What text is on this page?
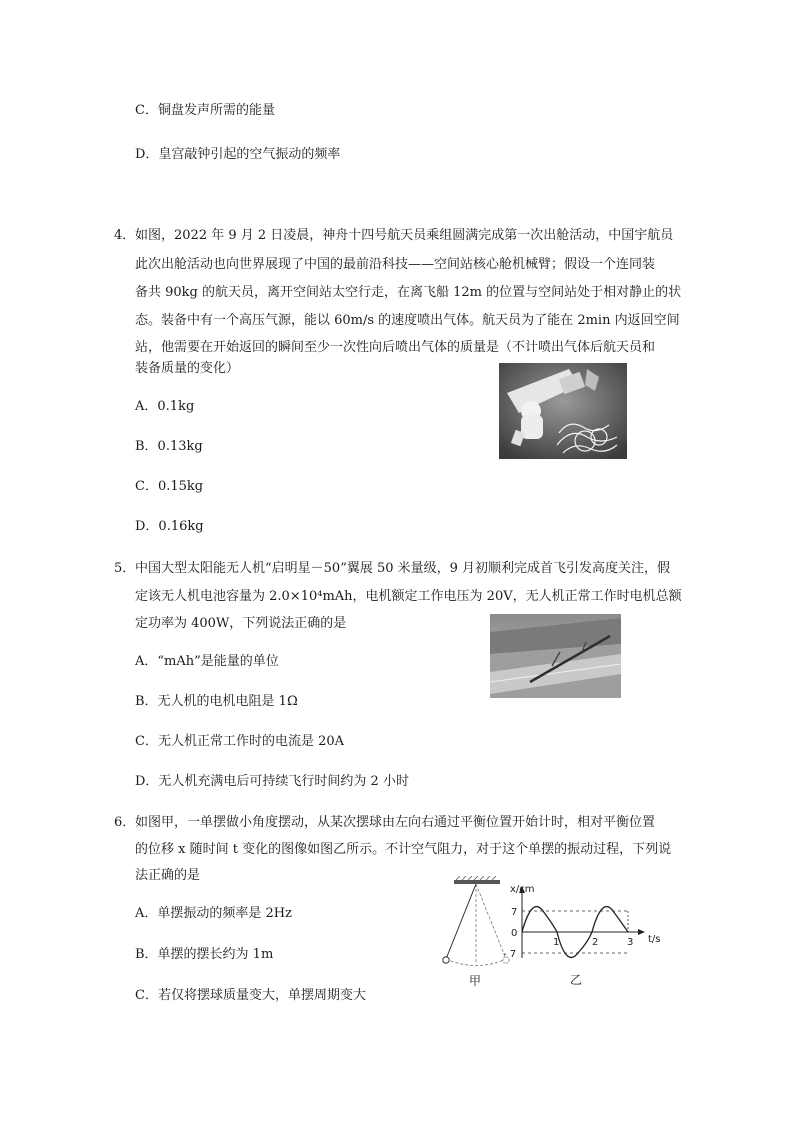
C．铜盘发声所需的能量
D．皇宫敲钟引起的空气振动的频率
4． 如图，2022 年 9 月 2 日凌晨，神舟十四号航天员乘组圆满完成第一次出舱活动，中国宇航员
此次出舱活动也向世界展现了中国的最前沿科技——空间站核心舱机械臂；假设一个连同装
备共 90kg 的航天员，离开空间站太空行走，在离飞船 12m 的位置与空间站处于相对静止的状
态。装备中有一个高压气源，能以 60m/s 的速度喷出气体。航天员为了能在 2min 内返回空间
站，他需要在开始返回的瞬间至少一次性向后喷出气体的质量是（不计喷出气体后航天员和
装备质量的变化）
A．0.1kg
B．0.13kg
C．0.15kg
D．0.16kg
5． 中国大型太阳能无人机“启明星－50”翼展 50 米量级，9 月初顺利完成首飞引发高度关注，假
定该无人机电池容量为 2.0×10⁴mAh，电机额定工作电压为 20V，无人机正常工作时电机总额
定功率为 400W，下列说法正确的是
A．“mAh”是能量的单位
B．无人机的电机电阻是 1Ω
C．无人机正常工作时的电流是 20A
D．无人机充满电后可持续飞行时间约为 2 小时
6． 如图甲，一单摆做小角度摆动，从某次摆球由左向右通过平衡位置开始计时，相对平衡位置
的位移 x 随时间 t 变化的图像如图乙所示。不计空气阻力，对于这个单摆的振动过程，下列说
法正确的是
A．单摆振动的频率是 2Hz
B．单摆的摆长约为 1m
C．若仅将摆球质量变大，单摆周期变大
甲
x/cm
t/s
7
0
- 7
1	2	3
乙
